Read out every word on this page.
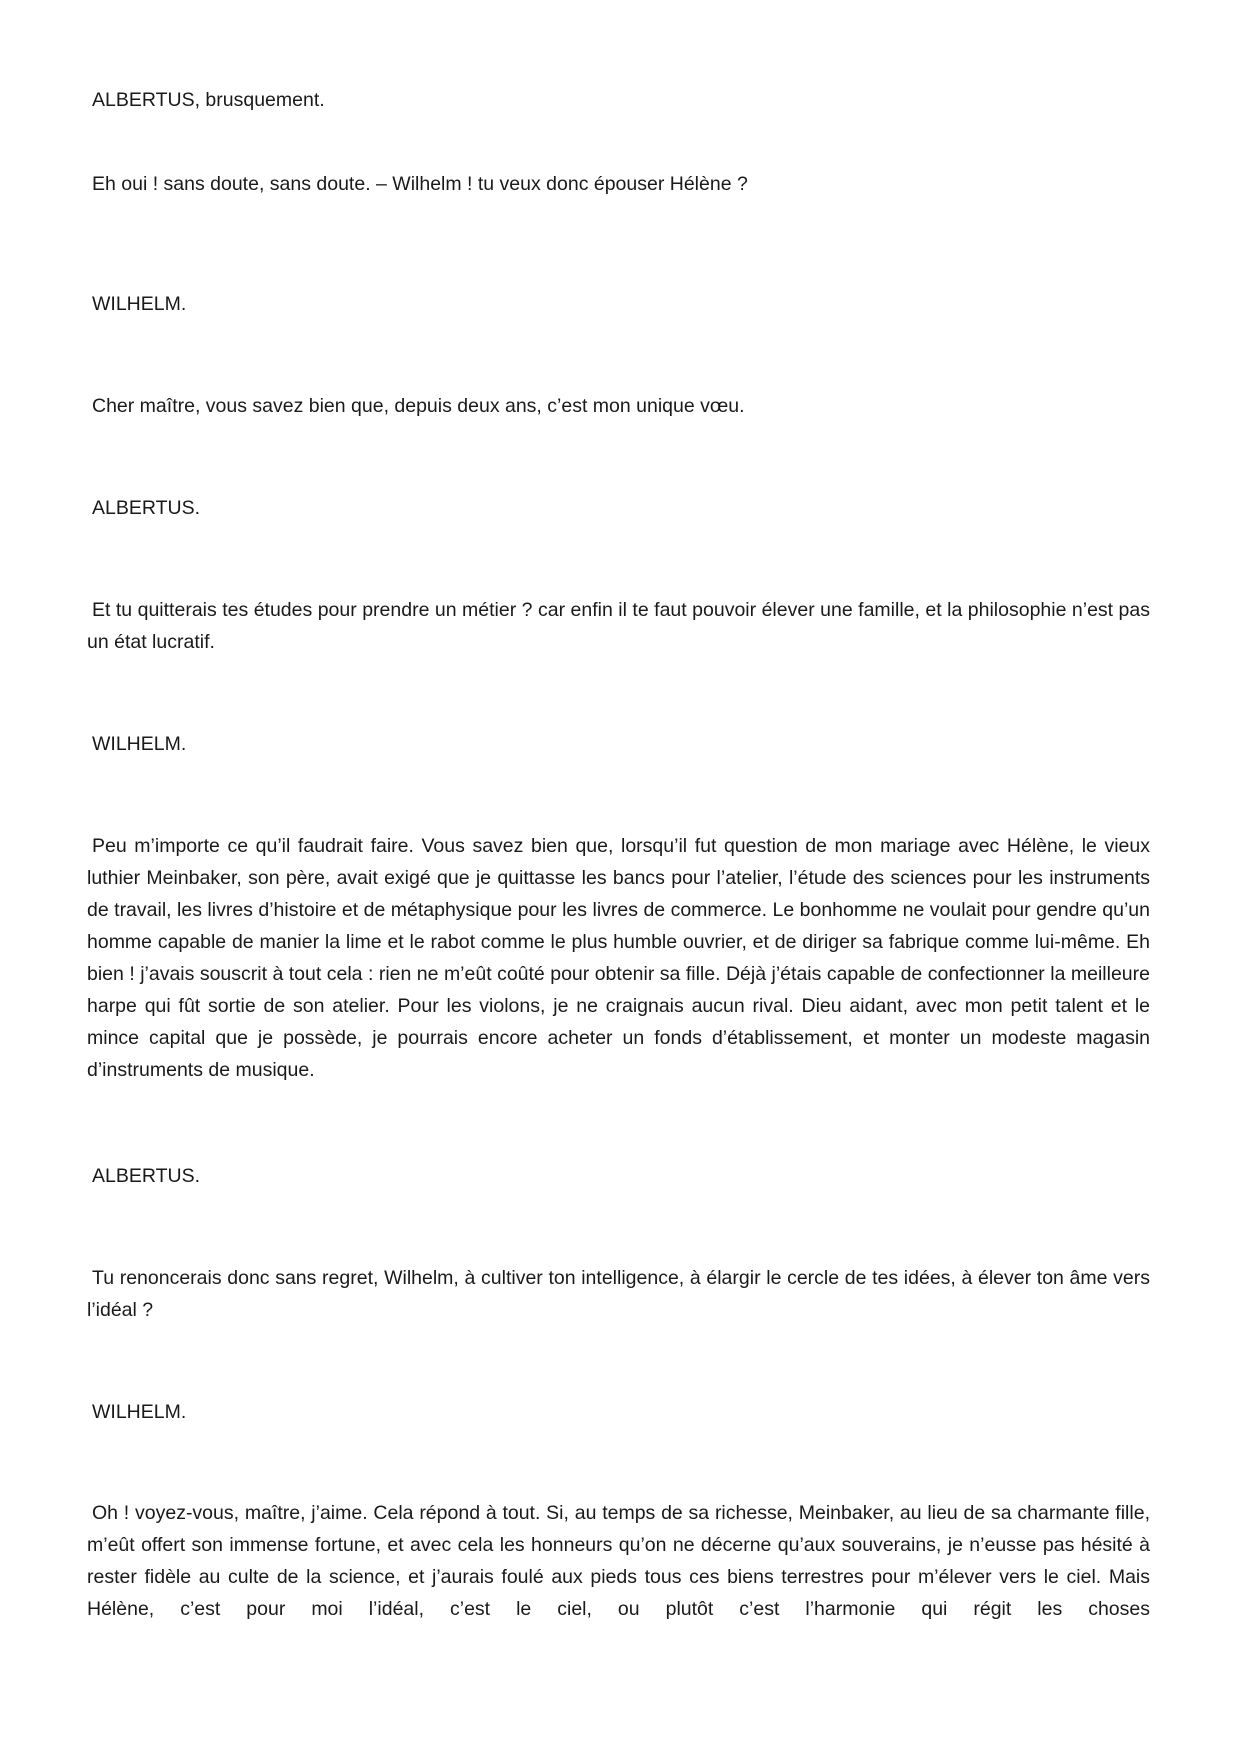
ALBERTUS, brusquement.

Eh oui ! sans doute, sans doute. – Wilhelm ! tu veux donc épouser Hélène ?

WILHELM.

Cher maître, vous savez bien que, depuis deux ans, c’est mon unique vœu.

ALBERTUS.

Et tu quitterais tes études pour prendre un métier ? car enfin il te faut pouvoir élever une famille, et la philosophie n’est pas un état lucratif.

WILHELM.

Peu m’importe ce qu’il faudrait faire. Vous savez bien que, lorsqu’il fut question de mon mariage avec Hélène, le vieux luthier Meinbaker, son père, avait exigé que je quittasse les bancs pour l’atelier, l’étude des sciences pour les instruments de travail, les livres d’histoire et de métaphysique pour les livres de commerce. Le bonhomme ne voulait pour gendre qu’un homme capable de manier la lime et le rabot comme le plus humble ouvrier, et de diriger sa fabrique comme lui-même. Eh bien ! j’avais souscrit à tout cela : rien ne m’eût coûté pour obtenir sa fille. Déjà j’étais capable de confectionner la meilleure harpe qui fût sortie de son atelier. Pour les violons, je ne craignais aucun rival. Dieu aidant, avec mon petit talent et le mince capital que je possède, je pourrais encore acheter un fonds d’établissement, et monter un modeste magasin d’instruments de musique.

ALBERTUS.

Tu renoncerais donc sans regret, Wilhelm, à cultiver ton intelligence, à élargir le cercle de tes idées, à élever ton âme vers l’idéal ?

WILHELM.

Oh ! voyez-vous, maître, j’aime. Cela répond à tout. Si, au temps de sa richesse, Meinbaker, au lieu de sa charmante fille, m’eût offert son immense fortune, et avec cela les honneurs qu’on ne décerne qu’aux souverains, je n’eusse pas hésité à rester fidèle au culte de la science, et j’aurais foulé aux pieds tous ces biens terrestres pour m’élever vers le ciel. Mais Hélène, c’est pour moi l’idéal, c’est le ciel, ou plutôt c’est l’harmonie qui régit les choses
